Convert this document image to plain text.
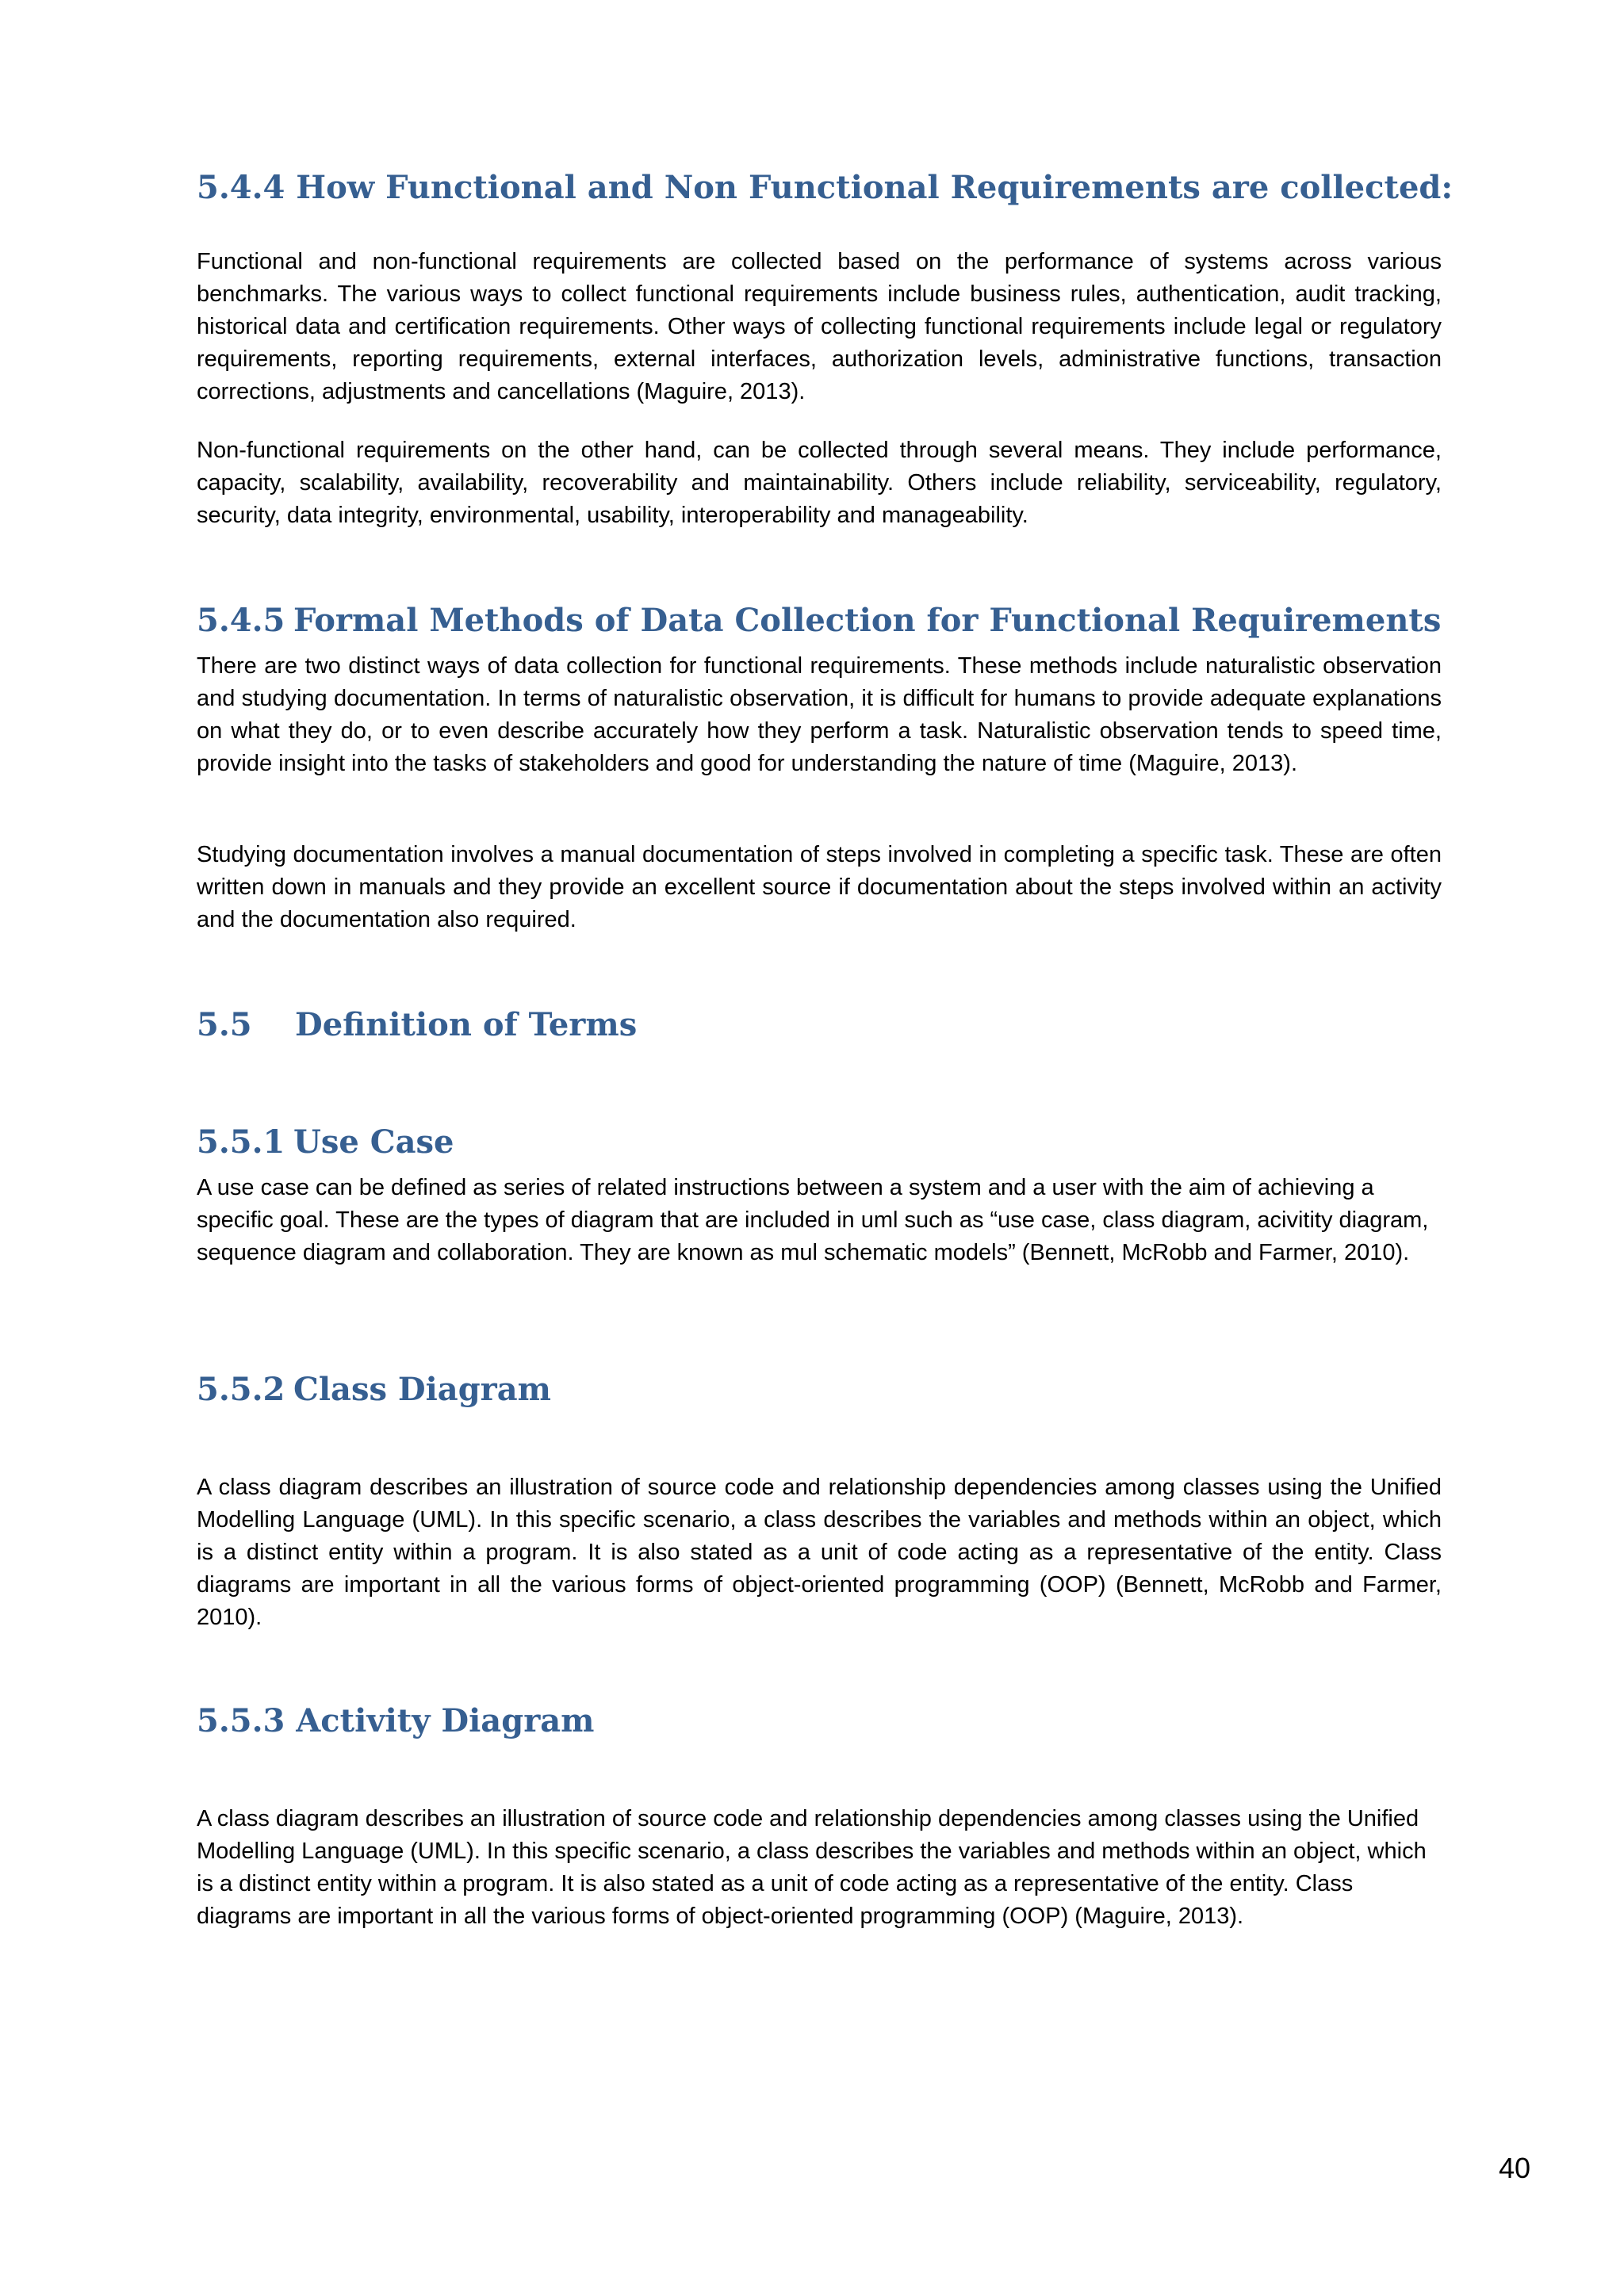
5.4.4 How Functional and Non Functional Requirements are collected:

Functional and non-functional requirements are collected based on the performance of systems across various benchmarks. The various ways to collect functional requirements include business rules, authentication, audit tracking, historical data and certification requirements. Other ways of collecting functional requirements include legal or regulatory requirements, reporting requirements, external interfaces, authorization levels, administrative functions, transaction corrections, adjustments and cancellations (Maguire, 2013).

Non-functional requirements on the other hand, can be collected through several means. They include performance, capacity, scalability, availability, recoverability and maintainability. Others include reliability, serviceability, regulatory, security, data integrity, environmental, usability, interoperability and manageability.

5.4.5 Formal Methods of Data Collection for Functional Requirements

There are two distinct ways of data collection for functional requirements. These methods include naturalistic observation and studying documentation. In terms of naturalistic observation, it is difficult for humans to provide adequate explanations on what they do, or to even describe accurately how they perform a task. Naturalistic observation tends to speed time, provide insight into the tasks of stakeholders and good for understanding the nature of time (Maguire, 2013).

Studying documentation involves a manual documentation of steps involved in completing a specific task. These are often written down in manuals and they provide an excellent source if documentation about the steps involved within an activity and the documentation also required.

5.5 Definition of Terms
5.5.1 Use Case

A use case can be defined as series of related instructions between a system and a user with the aim of achieving a specific goal. These are the types of diagram that are included in uml such as “use case, class diagram, acivitity diagram, sequence diagram and collaboration. They are known as mul schematic models” (Bennett, McRobb and Farmer, 2010).

5.5.2 Class Diagram

A class diagram describes an illustration of source code and relationship dependencies among classes using the Unified Modelling Language (UML). In this specific scenario, a class describes the variables and methods within an object, which is a distinct entity within a program. It is also stated as a unit of code acting as a representative of the entity. Class diagrams are important in all the various forms of object-oriented programming (OOP) (Bennett, McRobb and Farmer, 2010).

5.5.3 Activity Diagram

A class diagram describes an illustration of source code and relationship dependencies among classes using the Unified Modelling Language (UML). In this specific scenario, a class describes the variables and methods within an object, which is a distinct entity within a program. It is also stated as a unit of code acting as a representative of the entity. Class diagrams are important in all the various forms of object-oriented programming (OOP) (Maguire, 2013).

40
